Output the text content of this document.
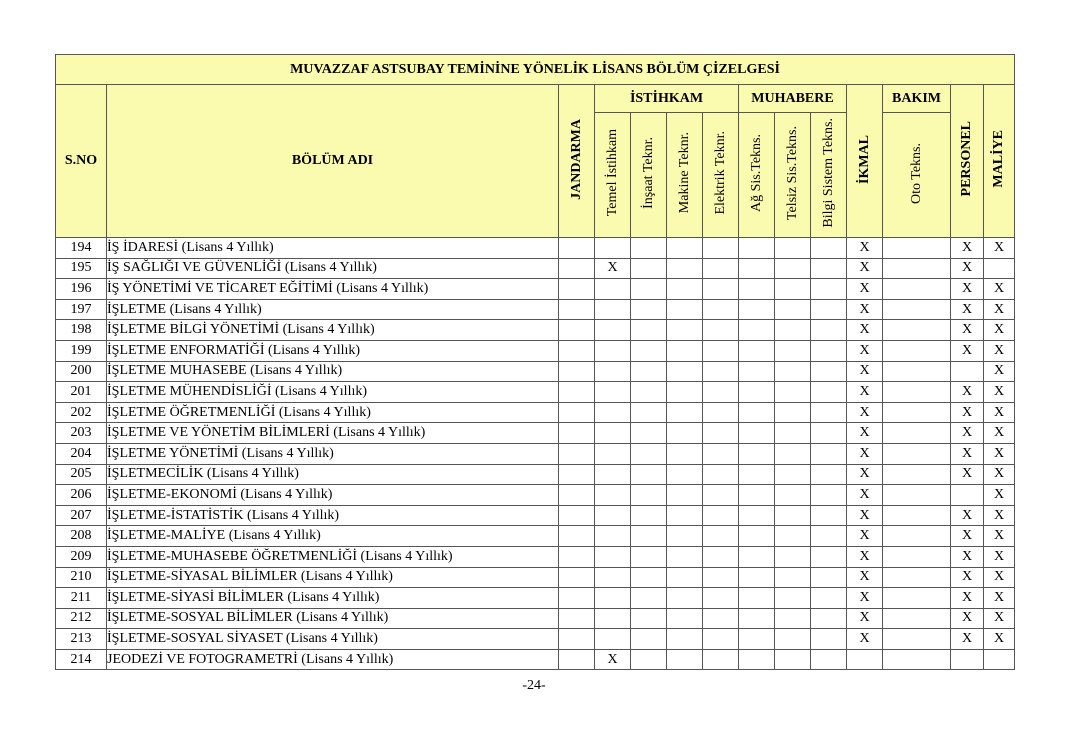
MUVAZZAF ASTSUBAY TEMİNİNE YÖNELİK LİSANS BÖLÜM ÇİZELGESİ													
S.NO	BÖLÜM ADI	JANDARMA	İSTİHKAM				MUHABERE			İKMAL	BAKIM	PERSONEL	MALİYE
			Temel İstihkam	İnşaat Teknr.	Makine Teknr.	Elektrik Teknr.	Ağ Sis.Tekns.	Telsiz Sis.Tekns.	Bilgi Sistem Tekns.		Oto Tekns.		
194	İŞ İDARESİ (Lisans 4 Yıllık)									X		X	X
195	İŞ SAĞLIĞI VE GÜVENLİĞİ (Lisans 4 Yıllık)		X							X		X	
196	İŞ YÖNETİMİ VE TİCARET EĞİTİMİ (Lisans 4 Yıllık)									X		X	X
197	İŞLETME (Lisans 4 Yıllık)									X		X	X
198	İŞLETME BİLGİ YÖNETİMİ (Lisans 4 Yıllık)									X		X	X
199	İŞLETME ENFORMATİĞİ (Lisans 4 Yıllık)									X		X	X
200	İŞLETME MUHASEBE (Lisans 4 Yıllık)									X			X
201	İŞLETME MÜHENDİSLİĞİ (Lisans 4 Yıllık)									X		X	X
202	İŞLETME ÖĞRETMENLİĞİ (Lisans 4 Yıllık)									X		X	X
203	İŞLETME VE YÖNETİM BİLİMLERİ (Lisans 4 Yıllık)									X		X	X
204	İŞLETME YÖNETİMİ (Lisans 4 Yıllık)									X		X	X
205	İŞLETMECİLİK (Lisans 4 Yıllık)									X		X	X
206	İŞLETME-EKONOMİ (Lisans 4 Yıllık)									X			X
207	İŞLETME-İSTATİSTİK (Lisans 4 Yıllık)									X		X	X
208	İŞLETME-MALİYE (Lisans 4 Yıllık)									X		X	X
209	İŞLETME-MUHASEBE ÖĞRETMENLİĞİ (Lisans 4 Yıllık)									X		X	X
210	İŞLETME-SİYASAL BİLİMLER (Lisans 4 Yıllık)									X		X	X
211	İŞLETME-SİYASİ BİLİMLER (Lisans 4 Yıllık)									X		X	X
212	İŞLETME-SOSYAL BİLİMLER (Lisans 4 Yıllık)									X		X	X
213	İŞLETME-SOSYAL SİYASET (Lisans 4 Yıllık)									X		X	X
214	JEODEZİ VE FOTOGRAMETRİ (Lisans 4 Yıllık)		X										
-24-
